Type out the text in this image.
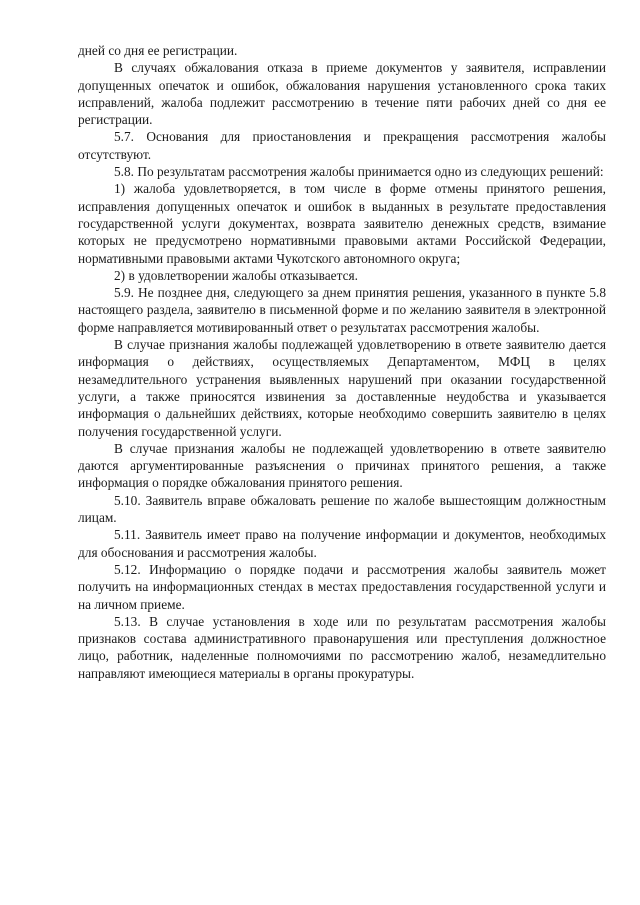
дней со дня ее регистрации.

В случаях обжалования отказа в приеме документов у заявителя, исправлении допущенных опечаток и ошибок, обжалования нарушения установленного срока таких исправлений, жалоба подлежит рассмотрению в течение пяти рабочих дней со дня ее регистрации.

5.7. Основания для приостановления и прекращения рассмотрения жалобы отсутствуют.

5.8. По результатам рассмотрения жалобы принимается одно из следующих решений:

1) жалоба удовлетворяется, в том числе в форме отмены принятого решения, исправления допущенных опечаток и ошибок в выданных в результате предоставления государственной услуги документах, возврата заявителю денежных средств, взимание которых не предусмотрено нормативными правовыми актами Российской Федерации, нормативными правовыми актами Чукотского автономного округа;

2) в удовлетворении жалобы отказывается.

5.9. Не позднее дня, следующего за днем принятия решения, указанного в пункте 5.8 настоящего раздела, заявителю в письменной форме и по желанию заявителя в электронной форме направляется мотивированный ответ о результатах рассмотрения жалобы.

В случае признания жалобы подлежащей удовлетворению в ответе заявителю дается информация о действиях, осуществляемых Департаментом, МФЦ в целях незамедлительного устранения выявленных нарушений при оказании государственной услуги, а также приносятся извинения за доставленные неудобства и указывается информация о дальнейших действиях, которые необходимо совершить заявителю в целях получения государственной услуги.

В случае признания жалобы не подлежащей удовлетворению в ответе заявителю даются аргументированные разъяснения о причинах принятого решения, а также информация о порядке обжалования принятого решения.

5.10. Заявитель вправе обжаловать решение по жалобе вышестоящим должностным лицам.

5.11. Заявитель имеет право на получение информации и документов, необходимых для обоснования и рассмотрения жалобы.

5.12. Информацию о порядке подачи и рассмотрения жалобы заявитель может получить на информационных стендах в местах предоставления государственной услуги и на личном приеме.

5.13. В случае установления в ходе или по результатам рассмотрения жалобы признаков состава административного правонарушения или преступления должностное лицо, работник, наделенные полномочиями по рассмотрению жалоб, незамедлительно направляют имеющиеся материалы в органы прокуратуры.
